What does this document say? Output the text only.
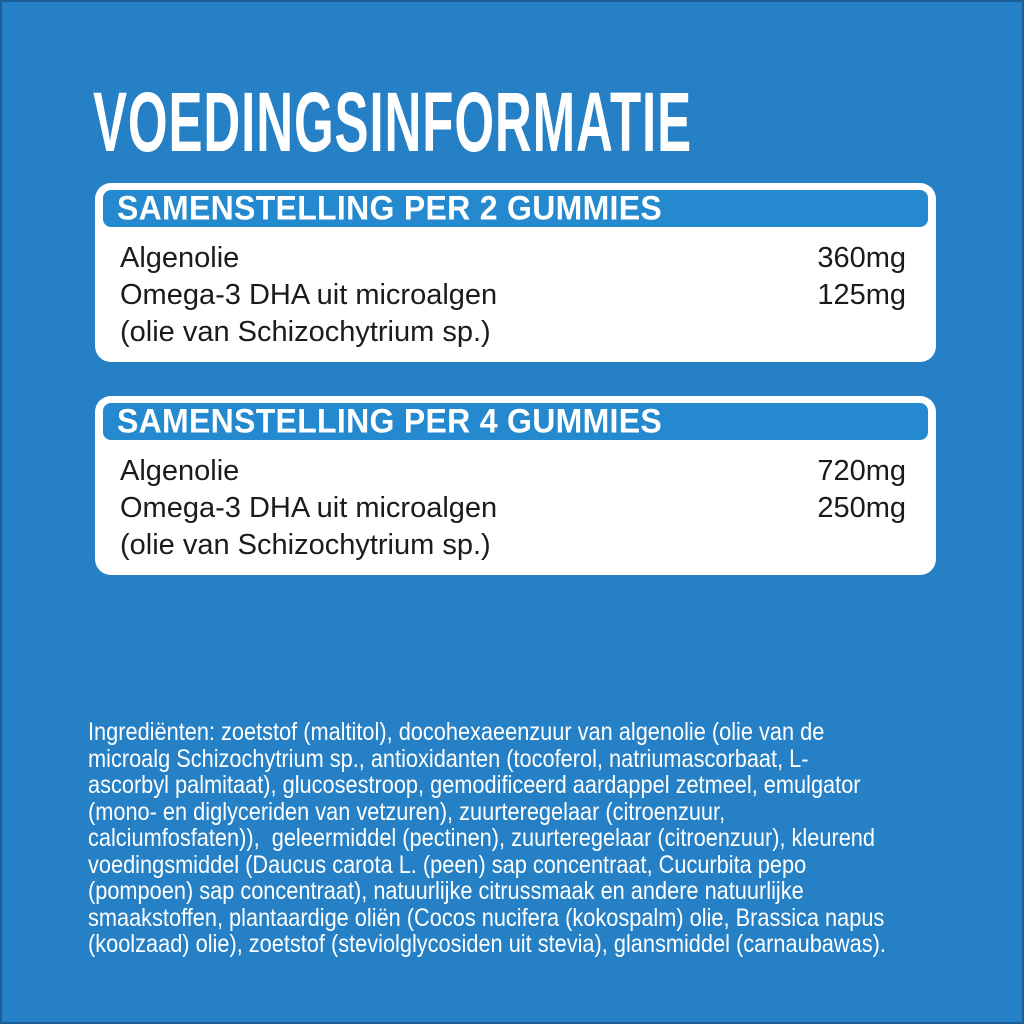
VOEDINGSINFORMATIE
SAMENSTELLING PER 2 GUMMIES
Algenolie	360mg
Omega-3 DHA uit microalgen	125mg
(olie van Schizochytrium sp.)
SAMENSTELLING PER 4 GUMMIES
Algenolie	720mg
Omega-3 DHA uit microalgen	250mg
(olie van Schizochytrium sp.)

Ingrediënten: zoetstof (maltitol), docohexaeenzuur van algenolie (olie van de
microalg Schizochytrium sp., antioxidanten (tocoferol, natriumascorbaat, L-
ascorbyl palmitaat), glucosestroop, gemodificeerd aardappel zetmeel, emulgator
(mono- en diglyceriden van vetzuren), zuurteregelaar (citroenzuur,
calciumfosfaten)),  geleermiddel (pectinen), zuurteregelaar (citroenzuur), kleurend
voedingsmiddel (Daucus carota L. (peen) sap concentraat, Cucurbita pepo
(pompoen) sap concentraat), natuurlijke citrussmaak en andere natuurlijke
smaakstoffen, plantaardige oliën (Cocos nucifera (kokospalm) olie, Brassica napus
(koolzaad) olie), zoetstof (steviolglycosiden uit stevia), glansmiddel (carnaubawas).
